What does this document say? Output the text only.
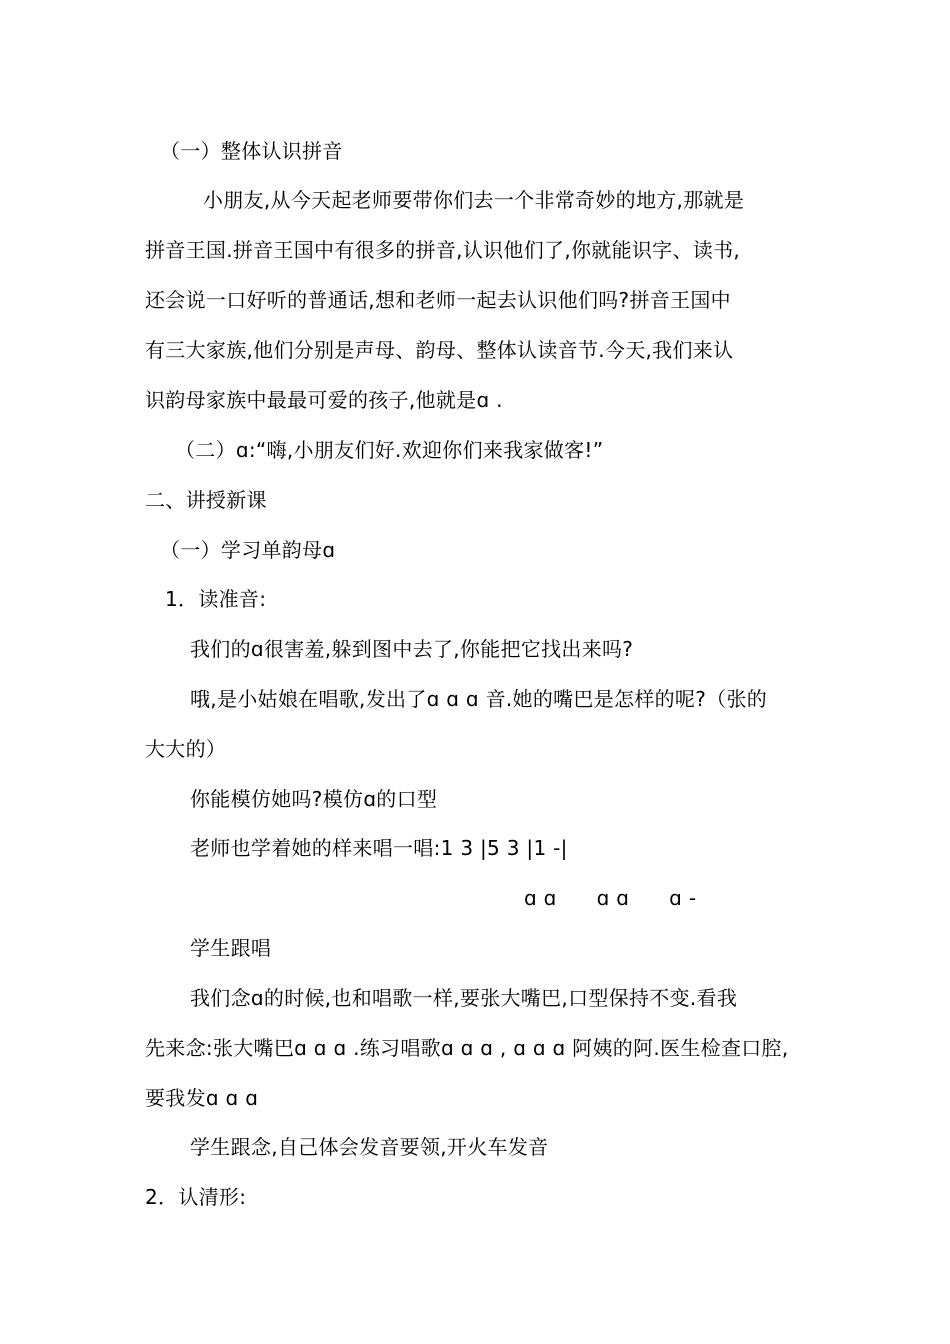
（一）整体认识拼音
小朋友,从今天起老师要带你们去一个非常奇妙的地方,那就是
拼音王国.拼音王国中有很多的拼音,认识他们了,你就能识字、读书,
还会说一口好听的普通话,想和老师一起去认识他们吗?拼音王国中
有三大家族,他们分别是声母、韵母、整体认读音节.今天,我们来认
识韵母家族中最最可爱的孩子,他就是ɑ .
（二）ɑ:“嗨,小朋友们好.欢迎你们来我家做客!”
二、讲授新课
（一）学习单韵母ɑ
1．读准音:
我们的ɑ很害羞,躲到图中去了,你能把它找出来吗?
哦,是小姑娘在唱歌,发出了ɑ ɑ ɑ 音.她的嘴巴是怎样的呢?（张的
大大的）
你能模仿她吗?模仿ɑ的口型
老师也学着她的样来唱一唱:1 3 |5 3 |1 -|
ɑ ɑ      ɑ ɑ      ɑ -
学生跟唱
我们念ɑ的时候,也和唱歌一样,要张大嘴巴,口型保持不变.看我
先来念:张大嘴巴ɑ ɑ ɑ .练习唱歌ɑ ɑ ɑ , ɑ ɑ ɑ 阿姨的阿.医生检查口腔,
要我发ɑ ɑ ɑ
学生跟念,自己体会发音要领,开火车发音
2．认清形:
